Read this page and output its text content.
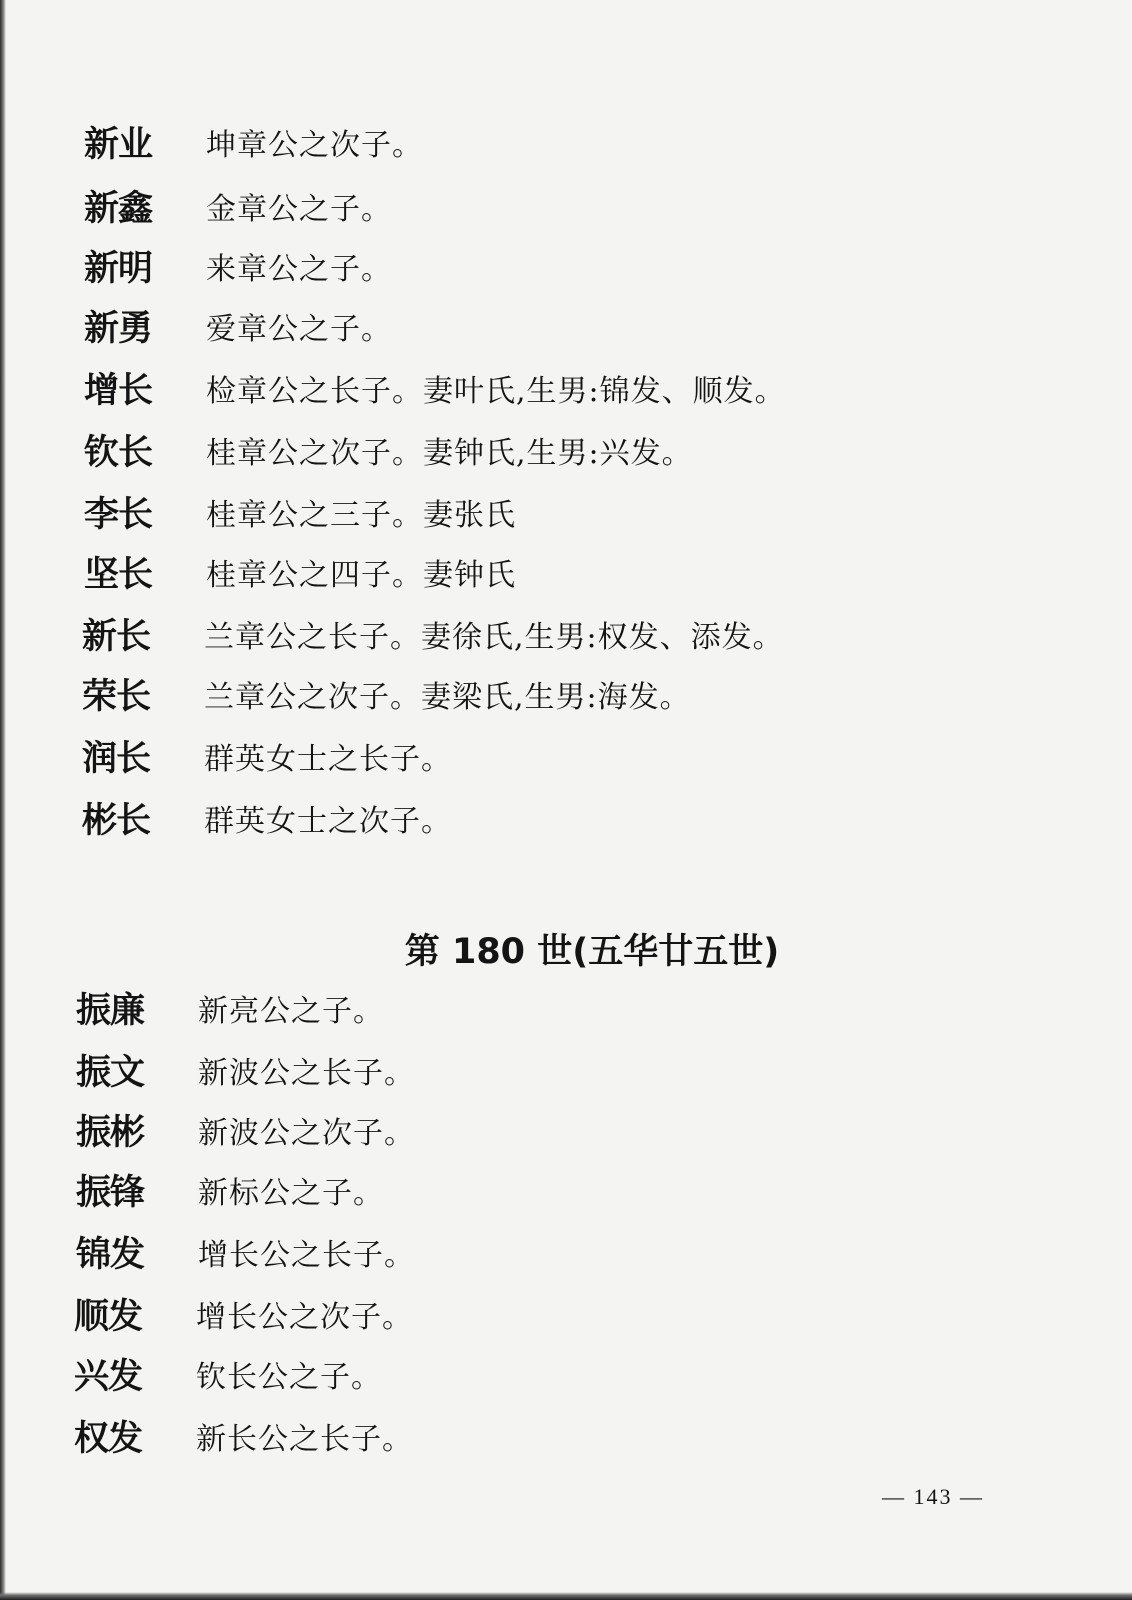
新业	坤章公之次子。
新鑫	金章公之子。
新明	来章公之子。
新勇	爱章公之子。
增长	检章公之长子。妻叶氏,生男:锦发、顺发。
钦长	桂章公之次子。妻钟氏,生男:兴发。
李长	桂章公之三子。妻张氏
坚长	桂章公之四子。妻钟氏
新长	兰章公之长子。妻徐氏,生男:权发、添发。
荣长	兰章公之次子。妻梁氏,生男:海发。
润长	群英女士之长子。
彬长	群英女士之次子。
第 180 世(五华廿五世)
振廉	新亮公之子。
振文	新波公之长子。
振彬	新波公之次子。
振锋	新标公之子。
锦发	增长公之长子。
顺发	增长公之次子。
兴发	钦长公之子。
权发	新长公之长子。
— 143 —
